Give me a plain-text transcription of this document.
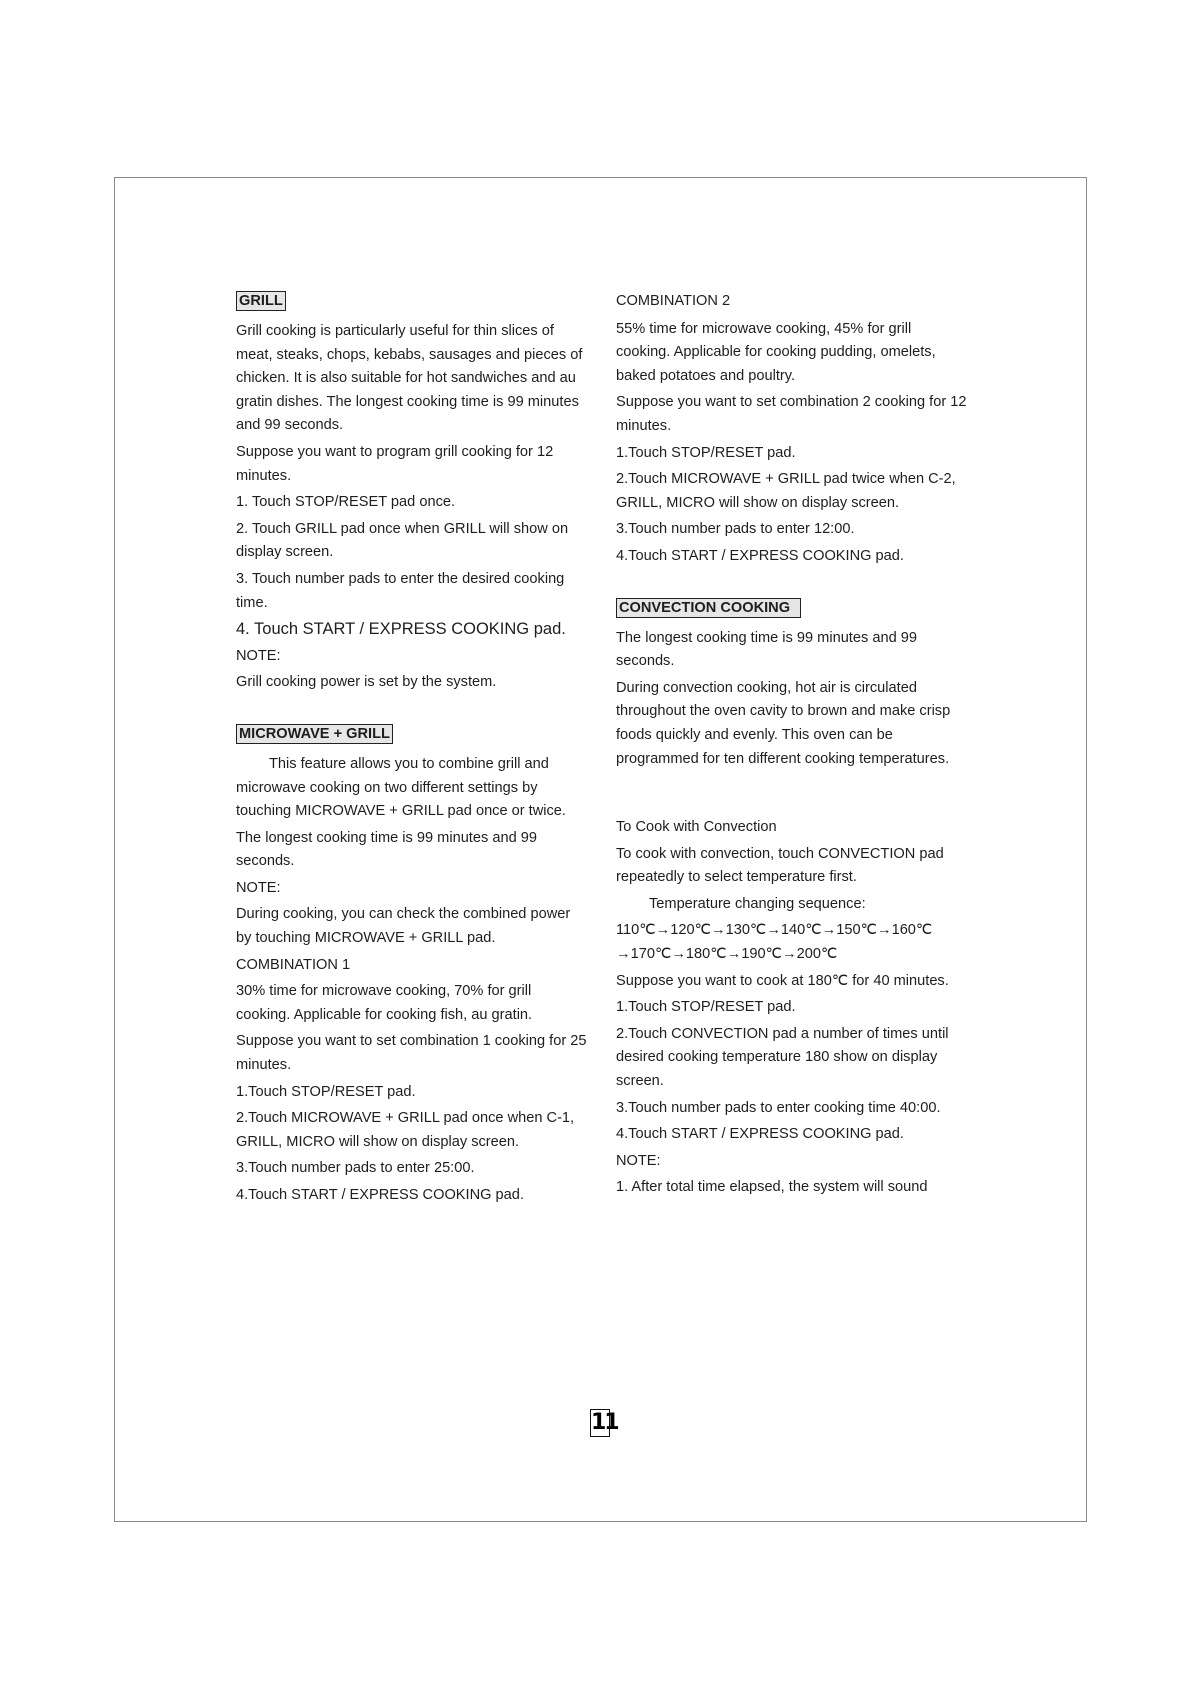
GRILL

Grill cooking is particularly useful for thin slices of meat, steaks, chops, kebabs, sausages and pieces of chicken. It is also suitable for hot sandwiches and au gratin dishes. The longest cooking time is 99 minutes and 99 seconds.

Suppose you want to program grill cooking for 12 minutes.

1. Touch STOP/RESET pad once.

2. Touch GRILL pad once when GRILL will show on display screen.

3. Touch number pads to enter the desired cooking time.

4. Touch START / EXPRESS COOKING pad.

NOTE:

Grill cooking power is set by the system.

MICROWAVE + GRILL

This feature allows you to combine grill and microwave cooking on two different settings by touching MICROWAVE + GRILL pad once or twice.

The longest cooking time is 99 minutes and 99 seconds.

NOTE:

During cooking, you can check the combined power by touching MICROWAVE + GRILL pad.

COMBINATION 1

30% time for microwave cooking, 70% for grill cooking. Applicable for cooking fish, au gratin.

Suppose you want to set combination 1 cooking for 25 minutes.

1.Touch STOP/RESET pad.

2.Touch MICROWAVE + GRILL pad once when C-1, GRILL, MICRO will show on display screen.

3.Touch number pads to enter 25:00.

4.Touch START / EXPRESS COOKING pad.

COMBINATION 2

55% time for microwave cooking, 45% for grill cooking. Applicable for cooking pudding, omelets, baked potatoes and poultry.

Suppose you want to set combination 2 cooking for 12 minutes.

1.Touch STOP/RESET pad.

2.Touch MICROWAVE + GRILL pad twice when C-2, GRILL, MICRO will show on display screen.

3.Touch number pads to enter 12:00.

4.Touch START / EXPRESS COOKING pad.

CONVECTION COOKING

The longest cooking time is 99 minutes and 99 seconds.

During convection cooking, hot air is circulated throughout the oven cavity to brown and make crisp foods quickly and evenly. This oven can be programmed for ten different cooking temperatures.

To Cook with Convection

To cook with convection, touch CONVECTION pad repeatedly to select temperature first.

Temperature changing sequence:

110℃→120℃→130℃→140℃→150℃→160℃ →170℃→180℃→190℃→200℃

Suppose you want to cook at 180℃ for 40 minutes.

1.Touch STOP/RESET pad.

2.Touch CONVECTION pad a number of times until desired cooking temperature 180 show on display screen.

3.Touch number pads to enter cooking time 40:00.

4.Touch START / EXPRESS COOKING pad.

NOTE:

1. After total time elapsed, the system will sound

11
